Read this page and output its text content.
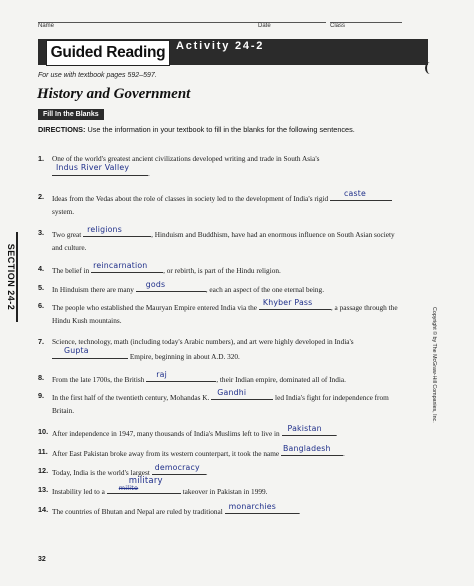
Name	Date	Class
Guided Reading Activity 24-2
For use with textbook pages 592–597.
History and Government
Fill In the Blanks
DIRECTIONS: Use the information in your textbook to fill in the blanks for the following sentences.
1.	One of the world's greatest ancient civilizations developed writing and trade in South Asia's

Indus River Valley
.
2.	Ideas from the Vedas about the role of classes in society led to the development of India's rigid
caste
system.
3.	Two great
religions
, Hinduism and Buddhism, have had an enormous influence on South Asian society and culture.
4.	The belief in
reincarnation
, or rebirth, is part of the Hindu religion.
5.	In Hinduism there are many
gods
, each an aspect of the one eternal being.
6.	The people who established the Mauryan Empire entered India via the
Khyber Pass
, a passage through the Hindu Kush mountains.
7.	Science, technology, math (including today's Arabic numbers), and art were highly developed in India's
Gupta
Empire, beginning in about A.D. 320.
8.	From the late 1700s, the British
raj
, their Indian empire, dominated all of India.
9.	In the first half of the twentieth century, Mohandas K.
Gandhi
led India's fight for independence from Britain.
10. After independence in 1947, many thousands of India's Muslims left to live in
Pakistan
.
11. After East Pakistan broke away from its western counterpart, it took the name
Bangladesh
.
12. Today, India is the world's largest
democracy
.
13. Instability led to a
military
milito	takeover in Pakistan in 1999.
14. The countries of Bhutan and Nepal are ruled by traditional
monarchies
.
SECTION 24-2
Copyright © by The McGraw-Hill Companies, Inc.
32
